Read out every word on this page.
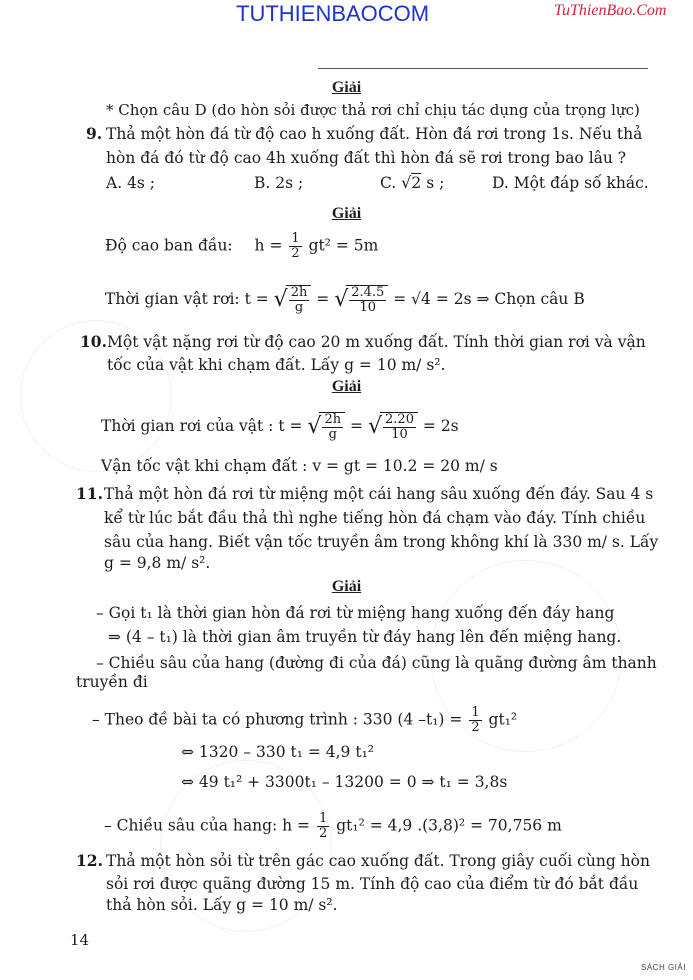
TUTHIENBAOCOM	TuThienBao.Com
Giải
* Chọn câu D (do hòn sỏi được thả rơi chỉ chịu tác dụng của trọng lực)
9. Thả một hòn đá từ độ cao h xuống đất. Hòn đá rơi trong 1s. Nếu thả
hòn đá đó từ độ cao 4h xuống đất thì hòn đá sẽ rơi trong bao lâu ?
A. 4s ;	B. 2s ;	C. √2 s ;	D. Một đáp số khác.
Giải
Độ cao ban đầu: $h = \frac{1}{2} gt^2 = 5m$
Thời gian vật rơi: t = √ $\frac{2h}{g}$ = √ $\frac{2.4.5}{10} = √4 = 2s$ ⇒ Chọn câu B
10. Một vật nặng rơi từ độ cao 20 m xuống đất. Tính thời gian rơi và vận
tốc của vật khi chạm đất. Lấy g = 10 m/ s².
Giải
Thời gian rơi của vật : t = √ $\frac{2h}{g}$ = √ $\frac{2.20}{10} = 2s$
Vận tốc vật khi chạm đất : v = gt = 10.2 = 20 m/ s
11. Thả một hòn đá rơi từ miệng một cái hang sâu xuống đến đáy. Sau 4 s
kể từ lúc bắt đầu thả thì nghe tiếng hòn đá chạm vào đáy. Tính chiều
sâu của hang. Biết vận tốc truyền âm trong không khí là 330 m/ s. Lấy
g = 9,8 m/ s².
Giải
– Gọi t₁ là thời gian hòn đá rơi từ miệng hang xuống đến đáy hang
⇒ (4 – t₁) là thời gian âm truyền từ đáy hang lên đến miệng hang.
– Chiều sâu của hang (đường đi của đá) cũng là quãng đường âm thanh
truyền đi
– Theo đề bài ta có phương trình : 330 (4 $-t_1) = \frac{1}{2} gt_1^2$
⇔ 1320 – 330 t₁ = 4,9 t₁²
⇔ 49 t₁² + 3300t₁ – 13200 = 0 ⇒ t₁ = 3,8s
– Chiều sâu của hang: $h = \frac{1}{2} gt_1^2 = 4,9$ .(3,8)² = 70,756 m
12. Thả một hòn sỏi từ trên gác cao xuống đất. Trong giây cuối cùng hòn
sỏi rơi được quãng đường 15 m. Tính độ cao của điểm từ đó bắt đầu
thả hòn sỏi. Lấy g = 10 m/ s².
14
SÁCH GIẢI
